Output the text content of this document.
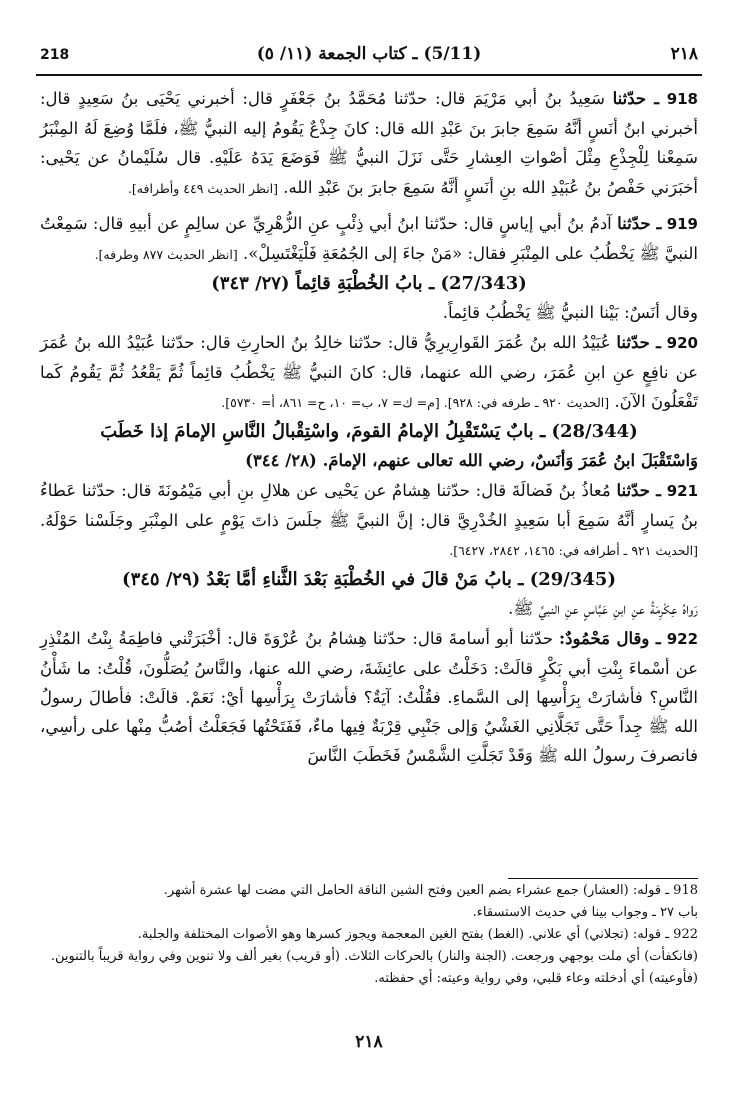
218	(5/11) ـ كتاب الجمعة (١١/ ٥)	٢١٨

918 ـ حدّثنا سَعِيدُ بنُ أبي مَرْيَمَ قال: حدّثنا مُحَمَّدُ بنُ جَعْفَرٍ قال: أخبرني يَحْيَى بنُ سَعِيدٍ قال: أخبرني ابنُ أنَسٍ أنَّهُ سَمِعَ جابرَ بنَ عَبْدِ الله قال: كانَ جِذْعٌ يَقُومُ إليه النبيُّ ﷺ، فلَمَّا وُضِعَ لَهُ المِنْبَرُ سَمِعْنا لِلْجِذْعِ مِثْلَ أصْواتِ العِشارِ حَتَّى نَزَلَ النبيُّ ﷺ فَوَضَعَ يَدَهُ عَلَيْهِ. قال سُلَيْمانُ عن يَحْيى: أخبَرَني حَفْصُ بنُ عُبَيْدِ الله بنِ أنَسٍ أنَّهُ سَمِعَ جابرَ بنَ عَبْدِ الله. [انظر الحديث ٤٤٩ وأطرافه].

919 ـ حدّثنا آدمُ بنُ أبي إياسٍ قال: حدّثنا ابنُ أبي ذِئْبٍ عنِ الزُّهْرِيِّ عن سالِمٍ عن أبيهِ قال: سَمِعْتُ النبيَّ ﷺ يَخْطُبُ على المِنْبَرِ فقال: «مَنْ جاءَ إلى الجُمُعَةِ فَلْيَغْتَسِلْ». [انظر الحديث ٨٧٧ وطرفه].

(27/343) ـ بابُ الخُطْبَةِ قائِماً (٢٧/ ٣٤٣)

وقال أنَسٌ: بَيْنا النبيُّ ﷺ يَخْطُبُ قائِماً.

920 ـ حدّثنا عُبَيْدُ الله بنُ عُمَرَ القَوارِيرِيُّ قال: حدّثنا خالِدُ بنُ الحارِثِ قال: حدّثنا عُبَيْدُ الله بنُ عُمَرَ عن نافِعٍ عنِ ابنِ عُمَرَ، رضي الله عنهما، قال: كانَ النبيُّ ﷺ يَخْطُبُ قائِماً ثُمَّ يَقْعُدُ ثُمَّ يَقُومُ كَما تَفْعَلُونَ الآنَ. [الحديث ٩٢٠ ـ طرفه في: ٩٢٨]. [م= ك= ٧، ب= ١٠، ح= ٨٦١، أ= ٥٧٣٠].

(28/344) ـ بابٌ يَسْتَقْبِلُ الإمامُ القومَ، واسْتِقْبالُ النَّاسِ الإمامَ إذا خَطَبَ

وَاسْتَقْبَلَ ابنُ عُمَرَ وَأنَسٌ، رضي الله تعالى عنهم، الإمامَ. (٢٨/ ٣٤٤)

921 ـ حدّثنا مُعاذُ بنُ فَضالَةَ قال: حدّثنا هِشامٌ عن يَحْيى عن هلالِ بنِ أبي مَيْمُونَةَ قال: حدّثنا عَطاءُ بنُ يَسارٍ أنَّهُ سَمِعَ أبا سَعِيدٍ الخُدْرِيَّ قال: إنَّ النبيَّ ﷺ جلَسَ ذاتَ يَوْمٍ على المِنْبَرِ وجَلَسْنا حَوْلَهُ. [الحديث ٩٢١ ـ أطرافه في: ١٤٦٥، ٢٨٤٢، ٦٤٢٧].

(29/345) ـ بابُ مَنْ قالَ في الخُطْبَةِ بَعْدَ الثَّناءِ أمَّا بَعْدُ (٢٩/ ٣٤٥)

رَواهُ عِكْرِمَةُ عنِ ابنِ عَبَّاسٍ عنِ النبيِّ ﷺ.

922 ـ وقال مَحْمُودٌ: حدّثنا أبو أسامةَ قال: حدّثنا هِشامُ بنُ عُرْوَةَ قال: أخْبَرَتْني فاطِمَةُ بِنْتُ المُنْذِرِ عن أسْماءَ بِنْتِ أبي بَكْرٍ قالَتْ: دَخَلْتُ على عائِشَةَ، رضي الله عنها، والنَّاسُ يُصَلُّونَ، قُلْتُ: ما شَأْنُ النَّاسِ؟ فأشارَتْ بِرَأْسِها إلى السَّماءِ. فقُلْتُ: آيَةٌ؟ فأشارَتْ بِرَأْسِها أيْ: نَعَمْ. قالَتْ: فأطالَ رسولُ الله ﷺ جِداً حَتَّى تَجَلَّانِي الغَشْيُ وَإلى جَنْبِي قِرْبَةٌ فِيها ماءٌ، فَفَتَحْتُها فَجَعَلْتُ أصُبُّ مِنْها على رأسِي، فانصرفَ رسولُ الله ﷺ وَقَدْ تَجَلَّتِ الشَّمْسُ فَخَطَبَ النَّاسَ

918 ـ قوله: (العشار) جمع عشراء بضم العين وفتح الشين الناقة الحامل التي مضت لها عشرة أشهر.

باب ٢٧ ـ وجواب بينا في حديث الاستسقاء.

922 ـ قوله: (تجلاني) أي علاني. (الغط) بفتح الغين المعجمة ويجوز كسرها وهو الأصوات المختلفة والجلبة.

(فانكفأت) أي ملت بوجهي ورجعت. (الجنة والنار) بالحركات الثلاث. (أو قريب) بغير ألف ولا تنوين وفي رواية قريباً بالتنوين. (فأوعيته) أي أدخلته وعاء قلبي، وفي رواية وعيته: أي حفظته.

٢١٨
